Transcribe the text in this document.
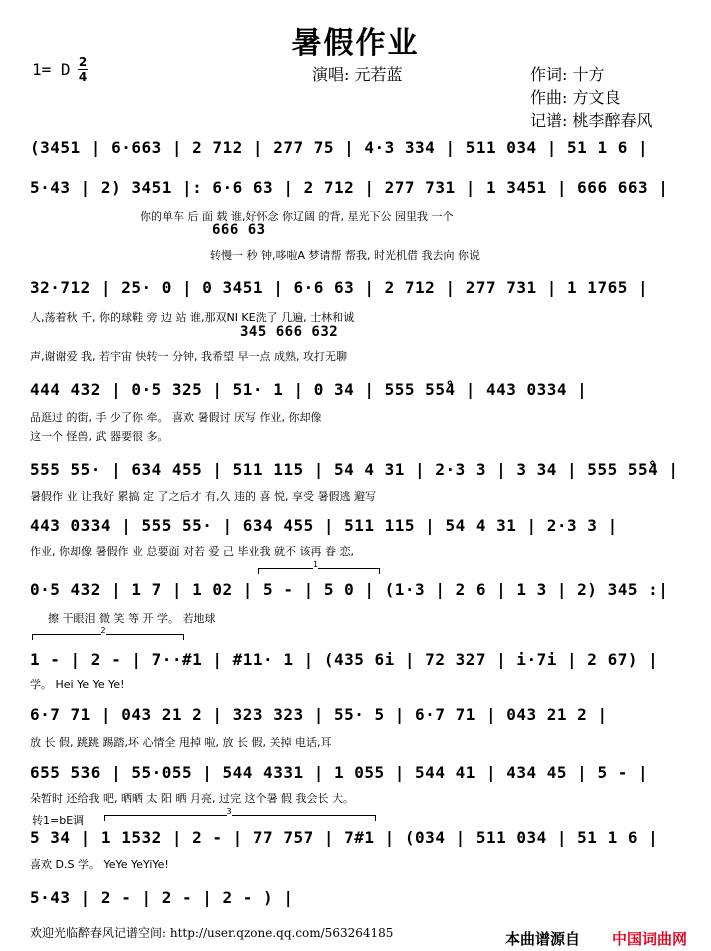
暑假作业
1= D 2
4	演唱: 元若蓝	作词: 十方
作曲: 方文良
记谱: 桃李醉春风
(3451 | 6·663 | 2 712 | 277 75 | 4·3 334 | 511 034 | 51 1 6 |
5·43 | 2) 3451 |: 6·6 63 | 2 712 | 277 731 | 1 3451 | 666 663 |
你的单车 后 面 载 谁,好怀念 你辽阔 的背, 星光下公 园里我 一个
666 63
转慢一 秒 钟,哆啦A 梦请帮 帮我, 时光机借 我去向 你说
32·712 | 25· 0 | 0 3451 | 6·6 63 | 2 712 | 277 731 | 1 1765 |
人,荡着秋 千, 你的球鞋 旁 边 站 谁,那双NI KE洗了 几遍, 士林和诚
345 666 632
声,谢谢爱 我, 若宇宙 快转一 分钟, 我希望 早一点 成熟, 攻打无聊
444 432 | 0·5 325 | 51· 1 | 0 34 | 555 55̊4 | 443 0334 |
品逛过 的街, 手 少了你 牵。 喜欢 暑假讨 厌写 作业, 你却像
这一个 怪兽, 武 器要很 多。
555 55· | 634 455 | 511 115 | 54 4 31 | 2·3 3 | 3 34 | 555 55̊4 |
暑假作 业 让我好 累搞 定 了之后才 有,久 违的 喜 悦, 享受 暑假逃 避写
443 0334 | 555 55· | 634 455 | 511 115 | 54 4 31 | 2·3 3 |
作业, 你却像 暑假作 业 总要面 对若 爱 己 毕业我 就不 该再 眷 恋,
1
0·5 432 | 1 7 | 1 02 | 5 - | 5 0 | (1·3 | 2 6 | 1 3 | 2) 345 :|
擦 干眼泪 微 笑 等 开 学。 若地球
2
1 - | 2 - | 7··#1 | #11· 1 | (435 6i | 72 327 | i·7i | 2 67) |
学。 Hei Ye Ye Ye!
6·7 71 | 043 21 2 | 323 323 | 55· 5 | 6·7 71 | 043 21 2 |
放 长 假, 跳跳 踢踏,坏 心情全 甩掉 啦, 放 长 假, 关掉 电话,耳
655 536 | 55·055 | 544 4331 | 1 055 | 544 41 | 434 45 | 5 - |
朵暂时 还给我 吧, 晒晒 太 阳 晒 月亮, 过完 这个暑 假 我会长 大。
转1=bE调
3
5 34 | 1 1532 | 2 - | 77 757 | 7#1 | (034 | 511 034 | 51 1 6 |
喜欢 D.S 学。 YeYe YeYiYe!
5·43 | 2 - | 2 - | 2 - ) |
欢迎光临醉春风记谱空间: http://user.qzone.qq.com/563264185	本曲谱源自 中国词曲网
